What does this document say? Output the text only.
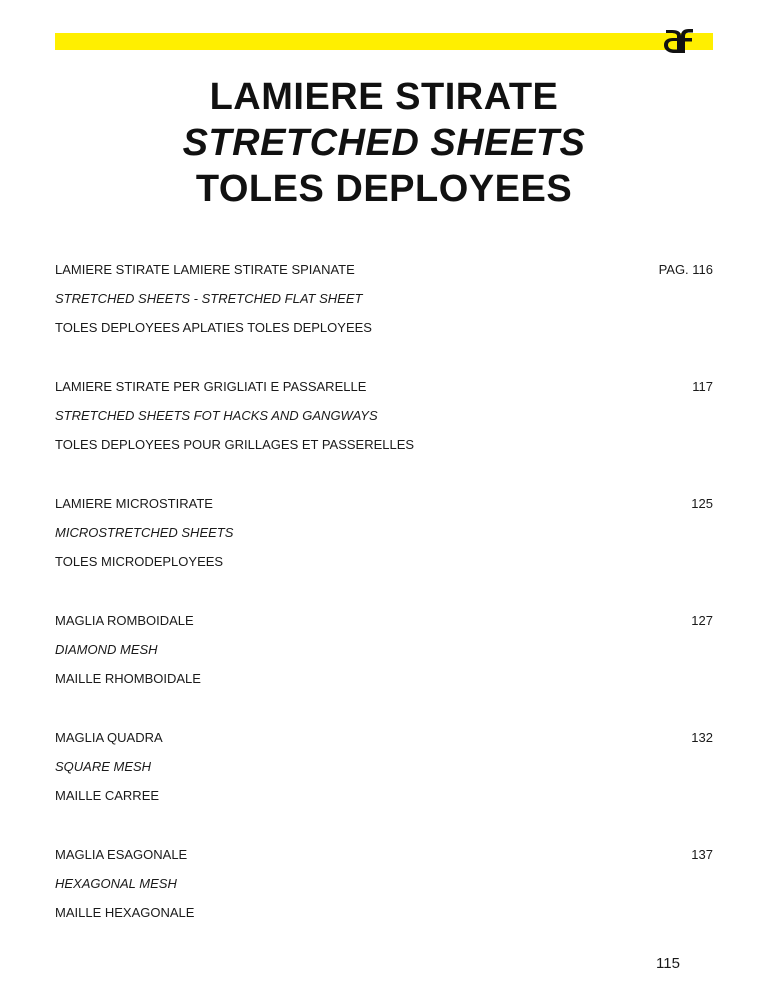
LAMIERE STIRATE
STRETCHED SHEETS
TOLES DEPLOYEES
LAMIERE STIRATE LAMIERE STIRATE SPIANATE
STRETCHED SHEETS - STRETCHED FLAT SHEET
TOLES DEPLOYEES APLATIES TOLES DEPLOYEES
PAG. 116
LAMIERE STIRATE PER GRIGLIATI E PASSARELLE
STRETCHED SHEETS FOT HACKS AND GANGWAYS
TOLES DEPLOYEES POUR GRILLAGES ET PASSERELLES
117
LAMIERE MICROSTIRATE
MICROSTRETCHED SHEETS
TOLES MICRODEPLOYEES
125
MAGLIA ROMBOIDALE
DIAMOND MESH
MAILLE RHOMBOIDALE
127
MAGLIA QUADRA
SQUARE MESH
MAILLE CARREE
132
MAGLIA ESAGONALE
HEXAGONAL MESH
MAILLE HEXAGONALE
137
115
